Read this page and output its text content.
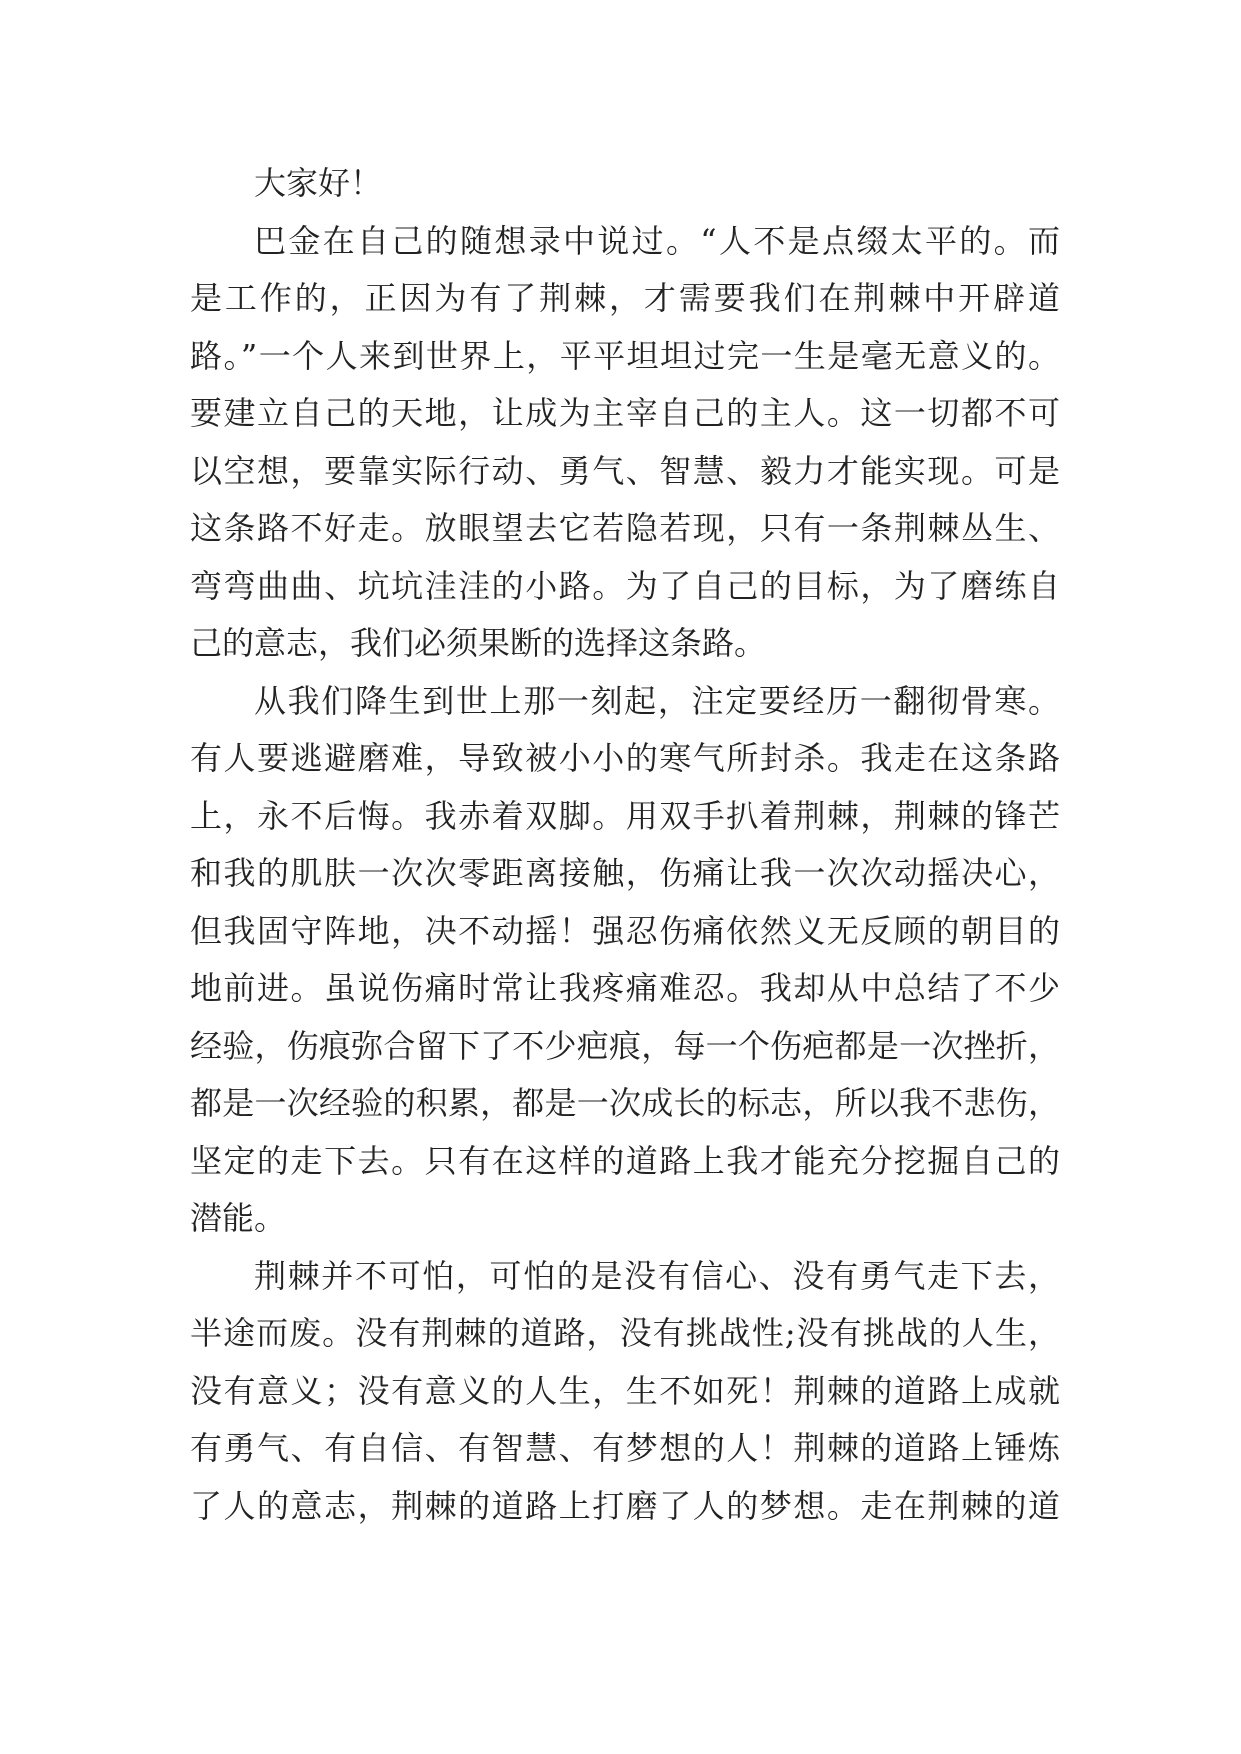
大家好！
巴金在自己的随想录中说过。“人不是点缀太平的。而
是工作的，正因为有了荆棘，才需要我们在荆棘中开辟道
路。”一个人来到世界上，平平坦坦过完一生是毫无意义的。
要建立自己的天地，让成为主宰自己的主人。这一切都不可
以空想，要靠实际行动、勇气、智慧、毅力才能实现。可是
这条路不好走。放眼望去它若隐若现，只有一条荆棘丛生、
弯弯曲曲、坑坑洼洼的小路。为了自己的目标，为了磨练自
己的意志，我们必须果断的选择这条路。
从我们降生到世上那一刻起，注定要经历一翻彻骨寒。
有人要逃避磨难，导致被小小的寒气所封杀。我走在这条路
上，永不后悔。我赤着双脚。用双手扒着荆棘，荆棘的锋芒
和我的肌肤一次次零距离接触，伤痛让我一次次动摇决心，
但我固守阵地，决不动摇！强忍伤痛依然义无反顾的朝目的
地前进。虽说伤痛时常让我疼痛难忍。我却从中总结了不少
经验，伤痕弥合留下了不少疤痕，每一个伤疤都是一次挫折，
都是一次经验的积累，都是一次成长的标志，所以我不悲伤，
坚定的走下去。只有在这样的道路上我才能充分挖掘自己的
潜能。
荆棘并不可怕，可怕的是没有信心、没有勇气走下去，
半途而废。没有荆棘的道路，没有挑战性;没有挑战的人生，
没有意义；没有意义的人生，生不如死！荆棘的道路上成就
有勇气、有自信、有智慧、有梦想的人！荆棘的道路上锤炼
了人的意志，荆棘的道路上打磨了人的梦想。走在荆棘的道
